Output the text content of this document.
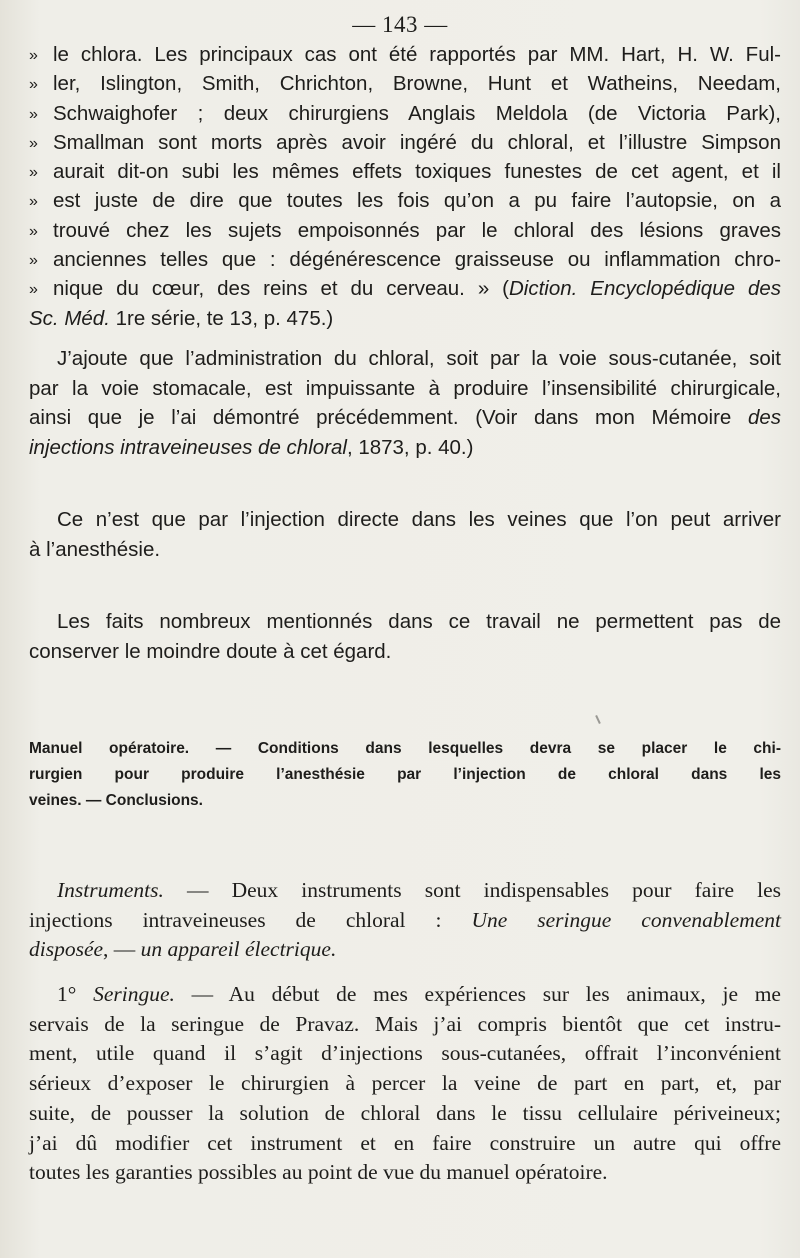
— 143 —
» le chlora. Les principaux cas ont été rapportés par MM. Hart, H. W. Ful-
» ler, Islington, Smith, Chrichton, Browne, Hunt et Watheins, Needam,
» Schwaighofer ; deux chirurgiens Anglais Meldola (de Victoria Park),
» Smallman sont morts après avoir ingéré du chloral, et l’illustre Simpson
» aurait dit-on subi les mêmes effets toxiques funestes de cet agent, et il
» est juste de dire que toutes les fois qu’on a pu faire l’autopsie, on a
» trouvé chez les sujets empoisonnés par le chloral des lésions graves
» anciennes telles que : dégénérescence graisseuse ou inflammation chro-
» nique du cœur, des reins et du cerveau. » (Diction. Encyclopédique des
Sc. Méd. 1re série, te 13, p. 475.)
J’ajoute que l’administration du chloral, soit par la voie sous-cutanée, soit
par la voie stomacale, est impuissante à produire l’insensibilité chirurgicale,
ainsi que je l’ai démontré précédemment. (Voir dans mon Mémoire des
injections intraveineuses de chloral, 1873, p. 40.)
Ce n’est que par l’injection directe dans les veines que l’on peut arriver
à l’anesthésie.
Les faits nombreux mentionnés dans ce travail ne permettent pas de
conserver le moindre doute à cet égard.
Manuel opératoire. — Conditions dans lesquelles devra se placer le chi-
rurgien pour produire l’anesthésie par l’injection de chloral dans les
veines. — Conclusions.
Instruments. — Deux instruments sont indispensables pour faire les
injections intraveineuses de chloral : Une seringue convenablement
disposée, — un appareil électrique.
1° Seringue. — Au début de mes expériences sur les animaux, je me
servais de la seringue de Pravaz. Mais j’ai compris bientôt que cet instru-
ment, utile quand il s’agit d’injections sous-cutanées, offrait l’inconvénient
sérieux d’exposer le chirurgien à percer la veine de part en part, et, par
suite, de pousser la solution de chloral dans le tissu cellulaire périveineux;
j’ai dû modifier cet instrument et en faire construire un autre qui offre
toutes les garanties possibles au point de vue du manuel opératoire.
